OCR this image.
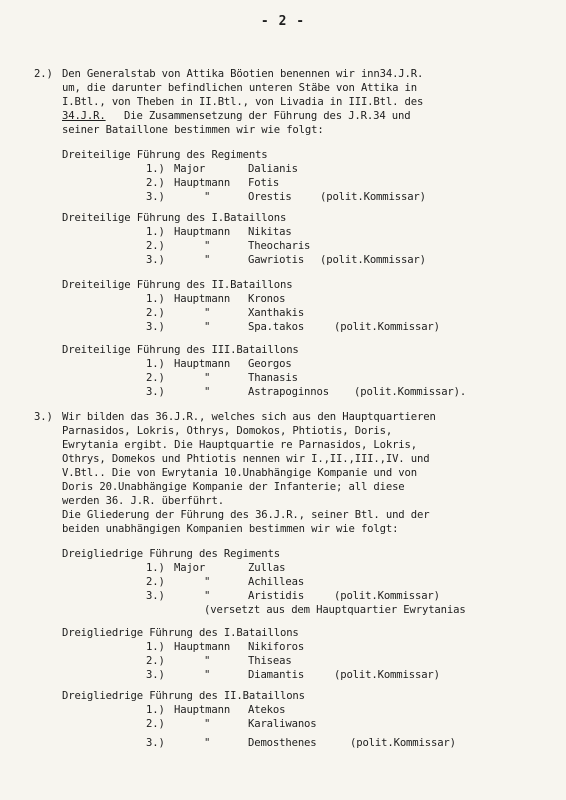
- 2 -
2.) Den Generalstab von Attika Böotien benennen wir inn34.J.R.
um, die darunter befindlichen unteren Stäbe von Attika in
I.Btl., von Theben in II.Btl., von Livadia in III.Btl. des
34.J.R. Die Zusammensetzung der Führung des J.R.34 und
seiner Bataillone bestimmen wir wie folgt:
Dreiteilige Führung des Regiments
1.) Major	Dalianis
2.) Hauptmann Fotis
3.)	"	Orestis	(polit.Kommissar)
Dreiteilige Führung des I.Bataillons
1.) Hauptmann Nikitas
2.)	"	Theocharis
3.)	"	Gawriotis (polit.Kommissar)
Dreiteilige Führung des II.Bataillons
1.) Hauptmann Kronos
2.)	"	Xanthakis
3.)	"	Spa.takos	(polit.Kommissar)
Dreiteilige Führung des III.Bataillons
1.) Hauptmann Georgos
2.)	"	Thanasis
3.)	"	Astrapoginnos (polit.Kommissar).
3.) Wir bilden das 36.J.R., welches sich aus den Hauptquartieren
Parnasidos, Lokris, Othrys, Domokos, Phtiotis, Doris,
Ewrytania ergibt. Die Hauptquartie re Parnasidos, Lokris,
Othrys, Domekos und Phtiotis nennen wir I.,II.,III.,IV. und
V.Btl.. Die von Ewrytania 10.Unabhängige Kompanie und von
Doris 20.Unabhängige Kompanie der Infanterie; all diese
werden 36. J.R. überführt.
Die Gliederung der Führung des 36.J.R., seiner Btl. und der
beiden unabhängigen Kompanien bestimmen wir wie folgt:
Dreigliedrige Führung des Regiments
1.) Major	Zullas
2.)	"	Achilleas
3.)	"	Aristidis	(polit.Kommissar)
(versetzt aus dem Hauptquartier Ewrytanias
Dreigliedrige Führung des I.Bataillons
1.) Hauptmann Nikiforos
2.)	"	Thiseas
3.)	"	Diamantis	(polit.Kommissar)
Dreigliedrige Führung des II.Bataillons
1.) Hauptmann Atekos
2.)	"	Karaliwanos
3.)	"	Demosthenes	(polit.Kommissar)
